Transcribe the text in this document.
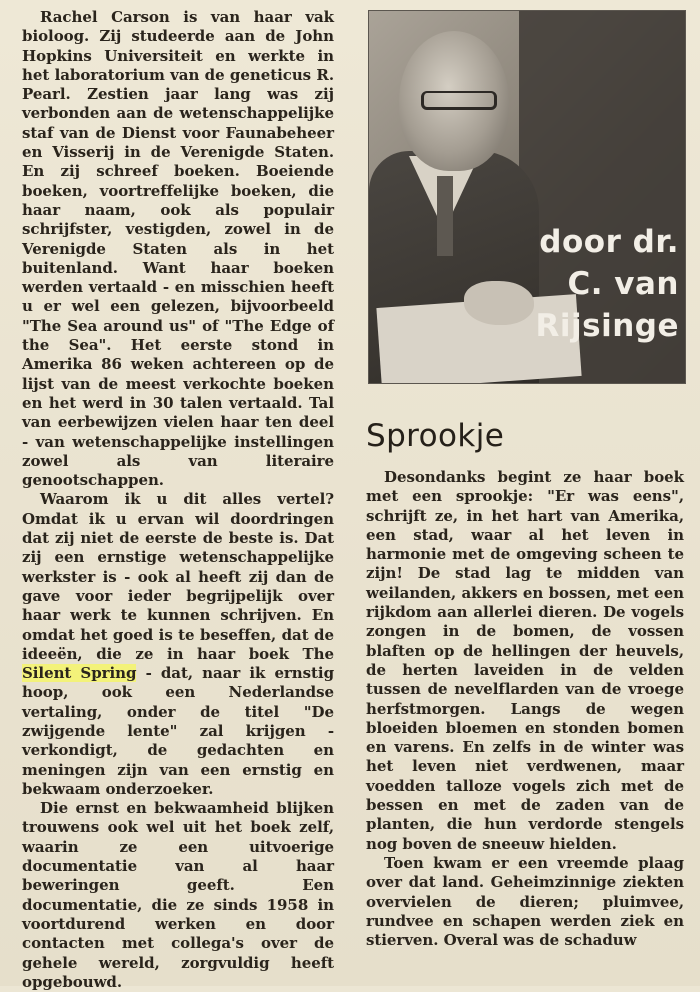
Rachel Carson is van haar vak bioloog. Zij studeerde aan de John Hopkins Universiteit en werkte in het laboratorium van de geneticus R. Pearl. Zestien jaar lang was zij verbonden aan de wetenschappelijke staf van de Dienst voor Faunabeheer en Visserij in de Verenigde Staten. En zij schreef boeken. Boeiende boeken, voortreffelijke boeken, die haar naam, ook als populair schrijfster, vestigden, zowel in de Verenigde Staten als in het buitenland. Want haar boeken werden vertaald - en misschien heeft u er wel een gelezen, bijvoorbeeld "The Sea around us" of "The Edge of the Sea". Het eerste stond in Amerika 86 weken achtereen op de lijst van de meest verkochte boeken en het werd in 30 talen vertaald. Tal van eerbewijzen vielen haar ten deel - van wetenschappelijke instellingen zowel als van literaire genootschappen.

Waarom ik u dit alles vertel? Omdat ik u ervan wil doordringen dat zij niet de eerste de beste is. Dat zij een ernstige wetenschappelijke werkster is - ook al heeft zij dan de gave voor ieder begrijpelijk over haar werk te kunnen schrijven. En omdat het goed is te beseffen, dat de ideeën, die ze in haar boek The Silent Spring - dat, naar ik ernstig hoop, ook een Nederlandse vertaling, onder de titel "De zwijgende lente" zal krijgen - verkondigt, de gedachten en meningen zijn van een ernstig en bekwaam onderzoeker.

Die ernst en bekwaamheid blijken trouwens ook wel uit het boek zelf, waarin ze een uitvoerige documentatie van al haar beweringen geeft. Een documentatie, die ze sinds 1958 in voortdurend werken en door contacten met collega's over de gehele wereld, zorgvuldig heeft opgebouwd.

door dr.
C. van
Rijsinge
Sprookje

Desondanks begint ze haar boek met een sprookje: "Er was eens", schrijft ze, in het hart van Amerika, een stad, waar al het leven in harmonie met de omgeving scheen te zijn! De stad lag te midden van weilanden, akkers en bossen, met een rijkdom aan allerlei dieren. De vogels zongen in de bomen, de vossen blaften op de hellingen der heuvels, de herten laveiden in de velden tussen de nevelflarden van de vroege herfstmorgen. Langs de wegen bloeiden bloemen en stonden bomen en varens. En zelfs in de winter was het leven niet verdwenen, maar voedden talloze vogels zich met de bessen en met de zaden van de planten, die hun verdorde stengels nog boven de sneeuw hielden.

Toen kwam er een vreemde plaag over dat land. Geheimzinnige ziekten overvielen de dieren; pluimvee, rundvee en schapen werden ziek en stierven. Overal was de schaduw
